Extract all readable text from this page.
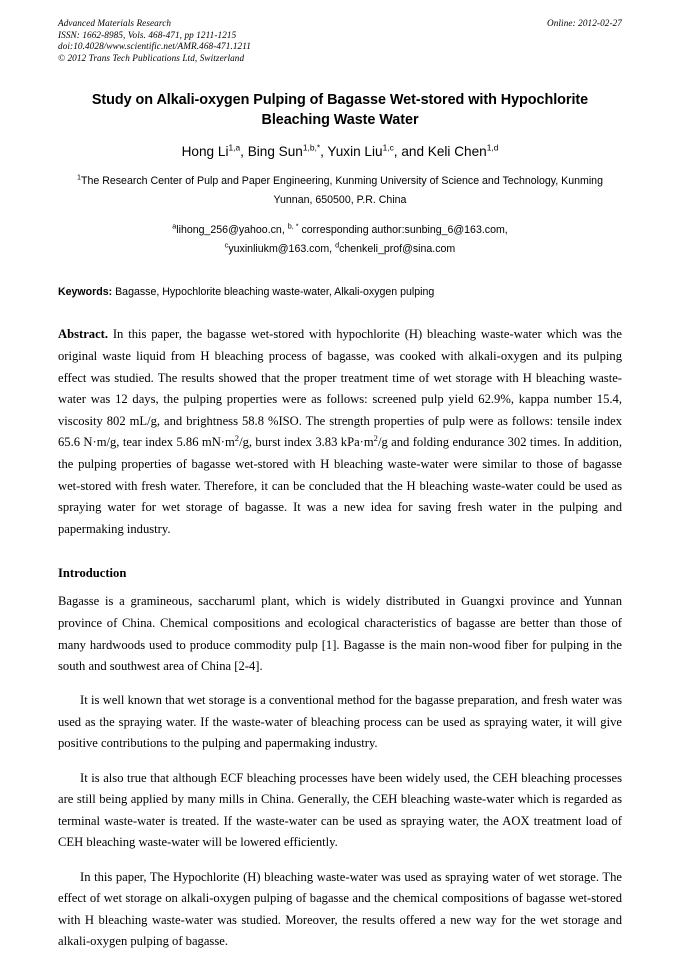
Advanced Materials Research
ISSN: 1662-8985, Vols. 468-471, pp 1211-1215
doi:10.4028/www.scientific.net/AMR.468-471.1211
© 2012 Trans Tech Publications Ltd, Switzerland
Online: 2012-02-27
Study on Alkali-oxygen Pulping of Bagasse Wet-stored with Hypochlorite Bleaching Waste Water
Hong Li$^{1,a}$, Bing Sun$^{1,b,*}$, Yuxin Liu$^{1,c}$, and Keli Chen$^{1,d}$
$^1$The Research Center of Pulp and Paper Engineering, Kunming University of Science and Technology, Kunming Yunnan, 650500, P.R. China
$^a$lihong_256@yahoo.cn, $^{b, *}$ corresponding author:sunbing_6@163.com,
$^c$yuxinliukm@163.com, $^d$chenkeli_prof@sina.com
Keywords: Bagasse, Hypochlorite bleaching waste-water, Alkali-oxygen pulping
Abstract. In this paper, the bagasse wet-stored with hypochlorite (H) bleaching waste-water which was the original waste liquid from H bleaching process of bagasse, was cooked with alkali-oxygen and its pulping effect was studied. The results showed that the proper treatment time of wet storage with H bleaching waste-water was 12 days, the pulping properties were as follows: screened pulp yield 62.9%, kappa number 15.4, viscosity 802 mL/g, and brightness 58.8 %ISO. The strength properties of pulp were as follows: tensile index 65.6 N·m/g, tear index 5.86 $mN\cdot m^2/g$, burst index 3.83 $kPa\cdot m^2/g$ and folding endurance 302 times. In addition, the pulping properties of bagasse wet-stored with H bleaching waste-water were similar to those of bagasse wet-stored with fresh water. Therefore, it can be concluded that the H bleaching waste-water could be used as spraying water for wet storage of bagasse. It was a new idea for saving fresh water in the pulping and papermaking industry.
Introduction

Bagasse is a gramineous, saccharuml plant, which is widely distributed in Guangxi province and Yunnan province of China. Chemical compositions and ecological characteristics of bagasse are better than those of many hardwoods used to produce commodity pulp [1]. Bagasse is the main non-wood fiber for pulping in the south and southwest area of China [2-4].

It is well known that wet storage is a conventional method for the bagasse preparation, and fresh water was used as the spraying water. If the waste-water of bleaching process can be used as spraying water, it will give positive contributions to the pulping and papermaking industry.

It is also true that although ECF bleaching processes have been widely used, the CEH bleaching processes are still being applied by many mills in China. Generally, the CEH bleaching waste-water which is regarded as terminal waste-water is treated. If the waste-water can be used as spraying water, the AOX treatment load of CEH bleaching waste-water will be lowered efficiently.

In this paper, The Hypochlorite (H) bleaching waste-water was used as spraying water of wet storage. The effect of wet storage on alkali-oxygen pulping of bagasse and the chemical compositions of bagasse wet-stored with H bleaching waste-water was studied. Moreover, the results offered a new way for the wet storage and alkali-oxygen pulping of bagasse.
